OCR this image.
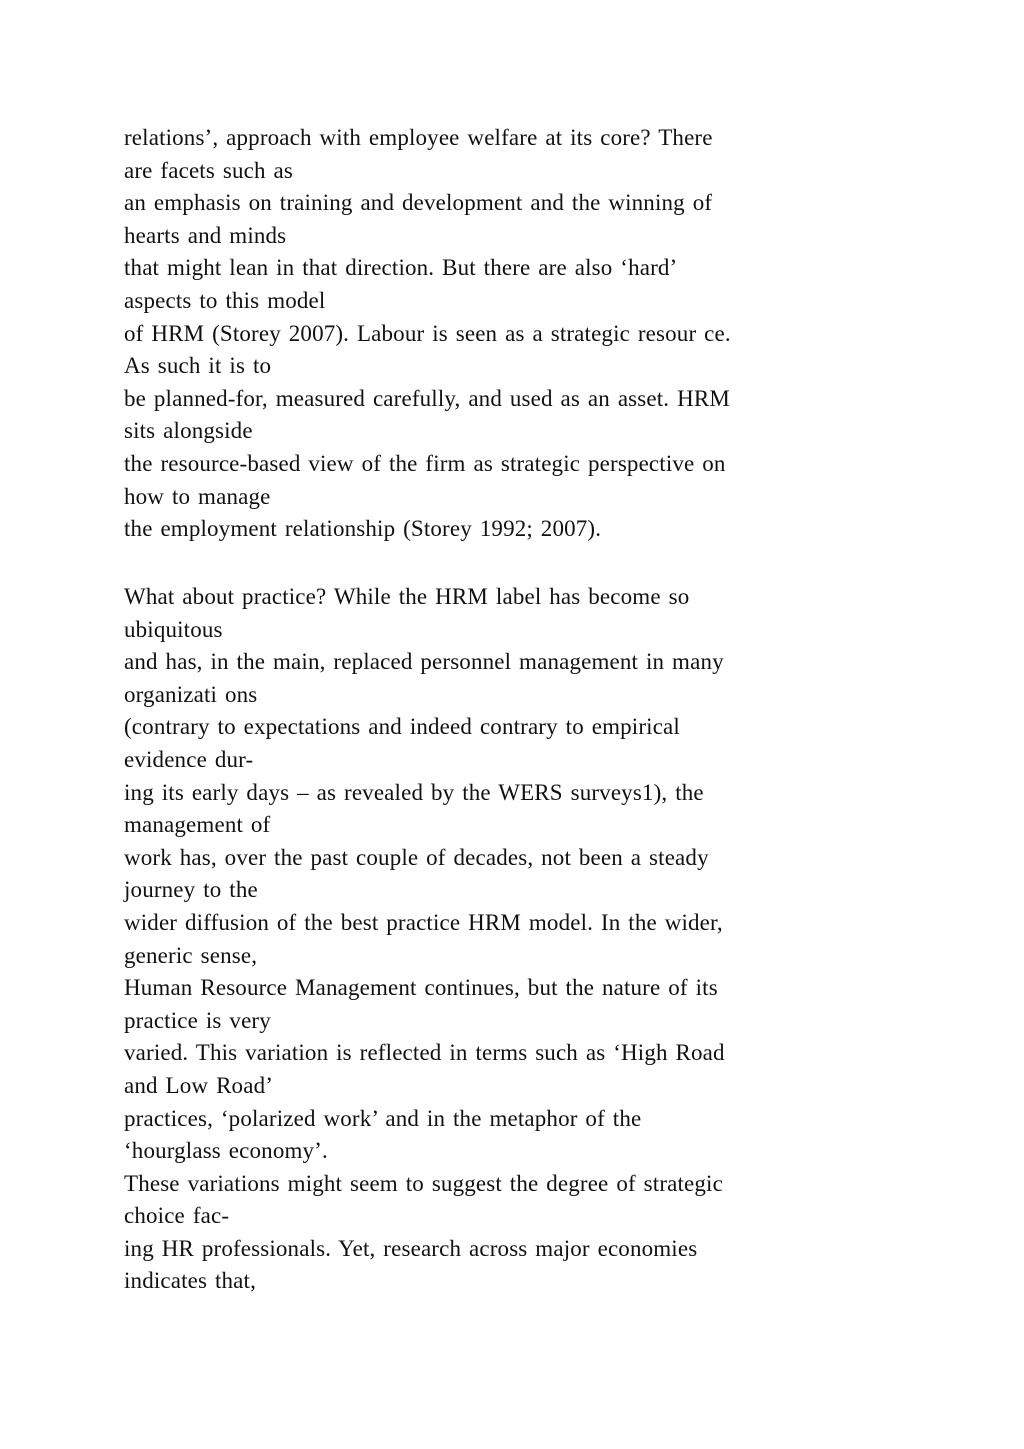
relations’, approach with employee welfare at its core? There
are facets such as
an emphasis on training and development and the winning of
hearts and minds
that might lean in that direction. But there are also ‘hard’
aspects to this model
of HRM (Storey 2007). Labour is seen as a strategic resour ce.
As such it is to
be planned-for, measured carefully, and used as an asset. HRM
sits alongside
the resource-based view of the firm as strategic perspective on
how to manage
the employment relationship (Storey 1992; 2007).
What about practice? While the HRM label has become so
ubiquitous
and has, in the main, replaced personnel management in many
organizati ons
(contrary to expectations and indeed contrary to empirical
evidence dur-
ing its early days – as revealed by the WERS surveys1), the
management of
work has, over the past couple of decades, not been a steady
journey to the
wider diffusion of the best practice HRM model. In the wider,
generic sense,
Human Resource Management continues, but the nature of its
practice is very
varied. This variation is reflected in terms such as ‘High Road
and Low Road’
practices, ‘polarized work’ and in the metaphor of the
‘hourglass economy’.
These variations might seem to suggest the degree of strategic
choice fac-
ing HR professionals. Yet, research across major economies
indicates that,
